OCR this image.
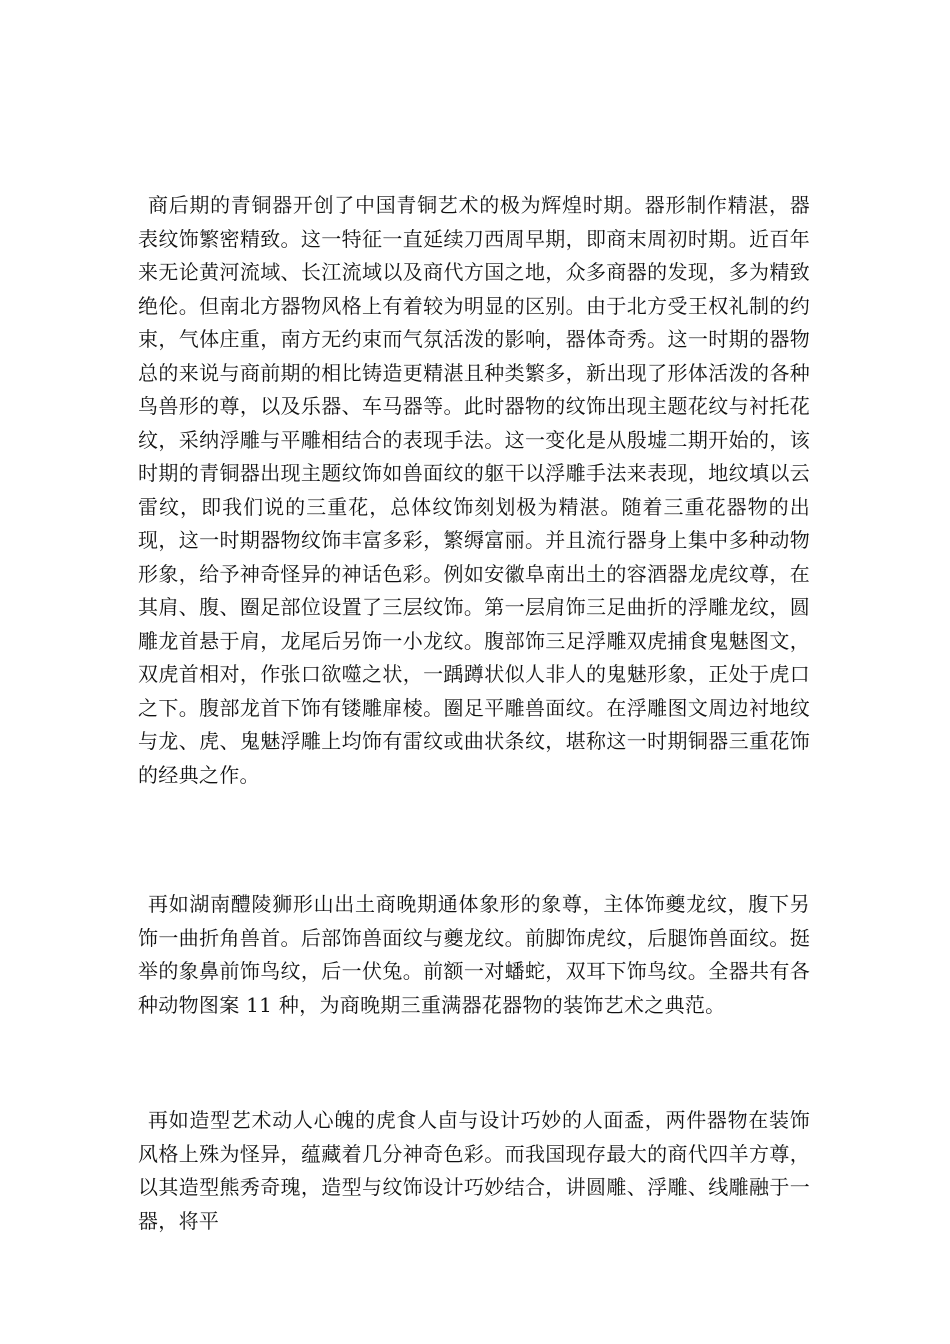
商后期的青铜器开创了中国青铜艺术的极为辉煌时期。器形制作精湛，器表纹饰繁密精致。这一特征一直延续刀西周早期，即商末周初时期。近百年来无论黄河流域、长江流域以及商代方国之地，众多商器的发现，多为精致绝伦。但南北方器物风格上有着较为明显的区别。由于北方受王权礼制的约束，气体庄重，南方无约束而气氛活泼的影响，器体奇秀。这一时期的器物总的来说与商前期的相比铸造更精湛且种类繁多，新出现了形体活泼的各种鸟兽形的尊，以及乐器、车马器等。此时器物的纹饰出现主题花纹与衬托花纹，采纳浮雕与平雕相结合的表现手法。这一变化是从殷墟二期开始的，该时期的青铜器出现主题纹饰如兽面纹的躯干以浮雕手法来表现，地纹填以云雷纹，即我们说的三重花，总体纹饰刻划极为精湛。随着三重花器物的出现，这一时期器物纹饰丰富多彩，繁缛富丽。并且流行器身上集中多种动物形象，给予神奇怪异的神话色彩。例如安徽阜南出土的容酒器龙虎纹尊，在其肩、腹、圈足部位设置了三层纹饰。第一层肩饰三足曲折的浮雕龙纹，圆雕龙首悬于肩，龙尾后另饰一小龙纹。腹部饰三足浮雕双虎捕食鬼魅图文，双虎首相对，作张口欲噬之状，一踽蹲状似人非人的鬼魅形象，正处于虎口之下。腹部龙首下饰有镂雕扉棱。圈足平雕兽面纹。在浮雕图文周边衬地纹与龙、虎、鬼魅浮雕上均饰有雷纹或曲状条纹，堪称这一时期铜器三重花饰的经典之作。

再如湖南醴陵狮形山出土商晚期通体象形的象尊，主体饰夔龙纹，腹下另饰一曲折角兽首。后部饰兽面纹与夔龙纹。前脚饰虎纹，后腿饰兽面纹。挺举的象鼻前饰鸟纹，后一伏兔。前额一对蟠蛇，双耳下饰鸟纹。全器共有各种动物图案 11 种，为商晚期三重满器花器物的装饰艺术之典范。

再如造型艺术动人心魄的虎食人卣与设计巧妙的人面盉，两件器物在装饰风格上殊为怪异，蕴藏着几分神奇色彩。而我国现存最大的商代四羊方尊，以其造型熊秀奇瑰，造型与纹饰设计巧妙结合，讲圆雕、浮雕、线雕融于一器，将平
